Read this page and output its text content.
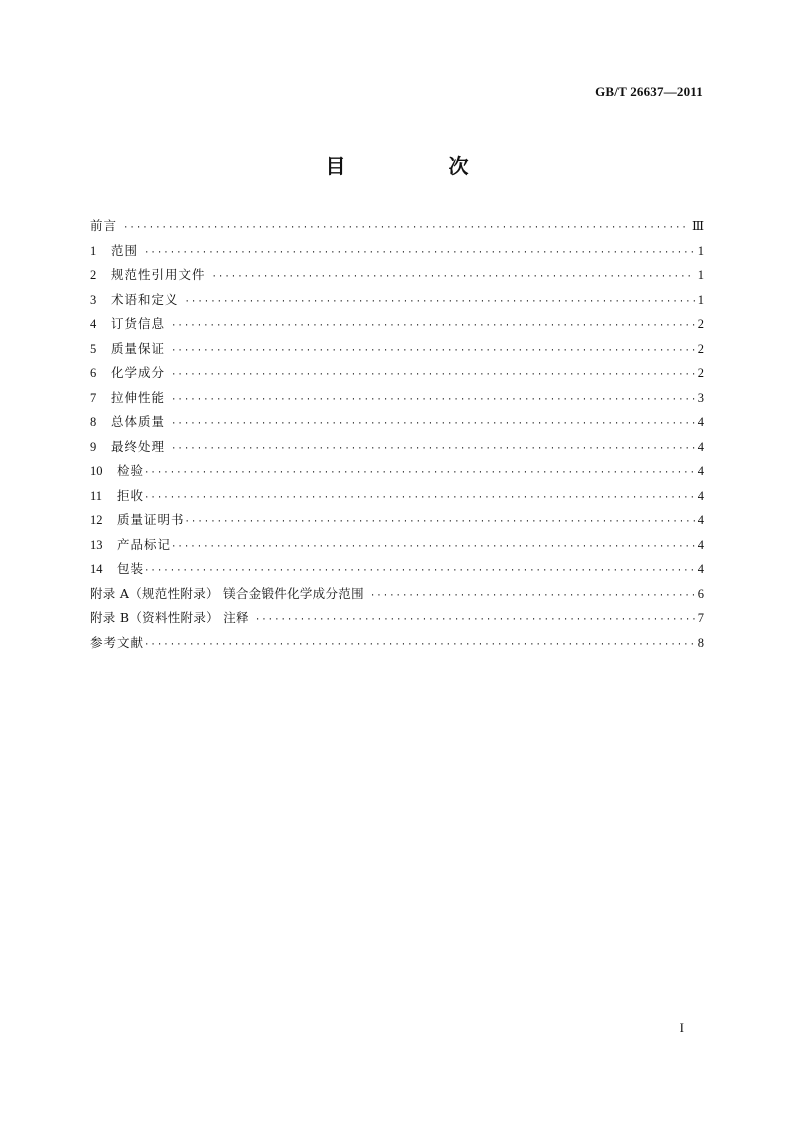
GB/T 26637—2011
目 次
前言 ·····	Ⅲ
1	范围 ·····	1
2	规范性引用文件 ·····	1
3	术语和定义 ·····	1
4	订货信息 ·····	2
5	质量保证 ·····	2
6	化学成分 ·····	2
7	拉伸性能 ·····	3
8	总体质量 ·····	4
9	最终处理 ·····	4
10	检验 ·····	4
11	拒收 ·····	4
12	质量证明书 ·····	4
13	产品标记 ·····	4
14	包装 ·····	4
附录 A（规范性附录） 镁合金锻件化学成分范围 ·····	6
附录 B（资料性附录） 注释 ·····	7
参考文献 ·····	8
I
